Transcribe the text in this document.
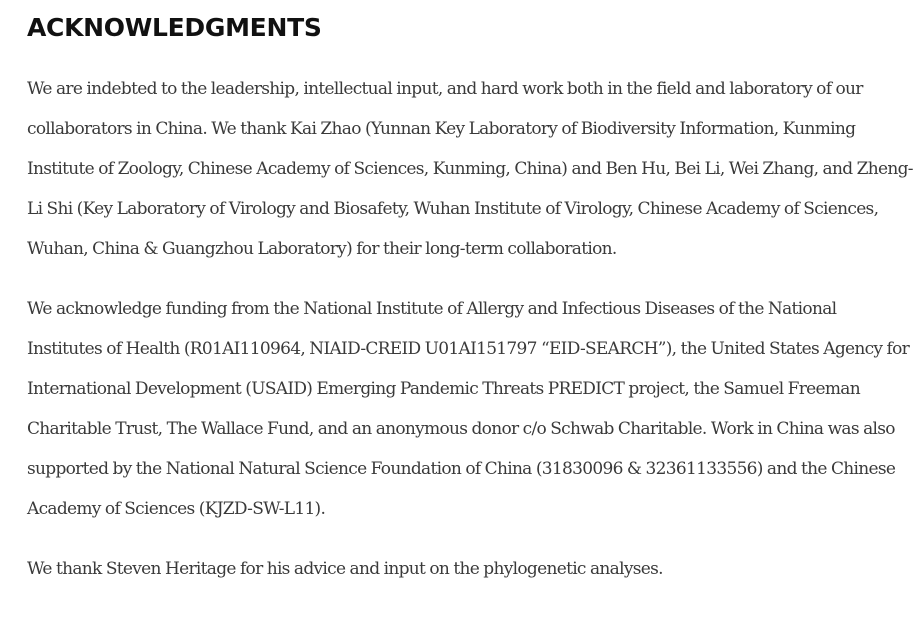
ACKNOWLEDGMENTS

We are indebted to the leadership, intellectual input, and hard work both in the field and laboratory of our collaborators in China. We thank Kai Zhao (Yunnan Key Laboratory of Biodiversity Information, Kunming Institute of Zoology, Chinese Academy of Sciences, Kunming, China) and Ben Hu, Bei Li, Wei Zhang, and Zheng-Li Shi (Key Laboratory of Virology and Biosafety, Wuhan Institute of Virology, Chinese Academy of Sciences, Wuhan, China & Guangzhou Laboratory) for their long-term collaboration.

We acknowledge funding from the National Institute of Allergy and Infectious Diseases of the National Institutes of Health (R01AI110964, NIAID-CREID U01AI151797 “EID-SEARCH”), the United States Agency for International Development (USAID) Emerging Pandemic Threats PREDICT project, the Samuel Freeman Charitable Trust, The Wallace Fund, and an anonymous donor c/o Schwab Charitable. Work in China was also supported by the National Natural Science Foundation of China (31830096 & 32361133556) and the Chinese Academy of Sciences (KJZD-SW-L11).

We thank Steven Heritage for his advice and input on the phylogenetic analyses.
